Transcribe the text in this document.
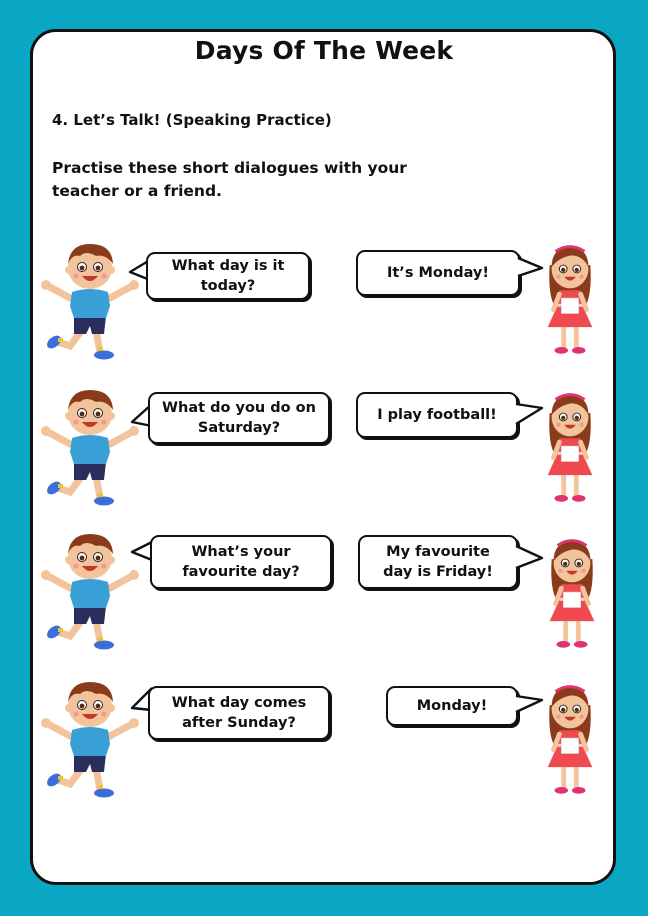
Days Of The Week
4. Let’s Talk! (Speaking Practice)
Practise these short dialogues with your teacher or a friend.
What day is it today?
It’s Monday!
What do you do on Saturday?
I play football!
What’s your favourite day?
My favourite day is Friday!
What day comes after Sunday?
Monday!
